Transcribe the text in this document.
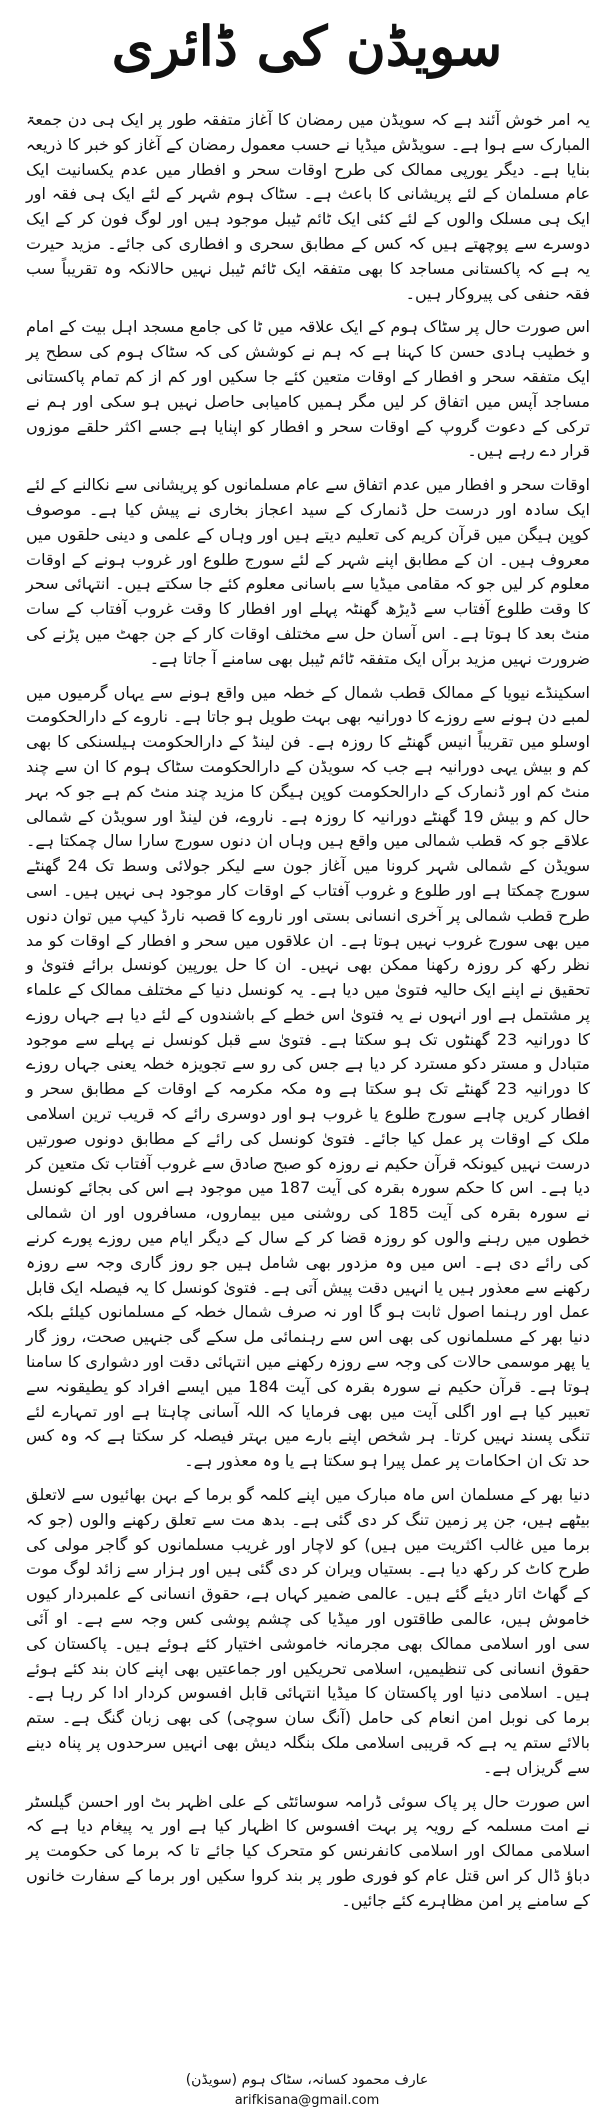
سویڈن کی ڈائری

یہ امر خوش آئند ہے کہ سویڈن میں رمضان کا آغاز متفقہ طور پر ایک ہی دن جمعۃ المبارک سے ہوا ہے۔ سویڈش میڈیا نے حسب معمول رمضان کے آغاز کو خبر کا ذریعہ بنایا ہے۔ دیگر یورپی ممالک کی طرح اوقات سحر و افطار میں عدم یکسانیت ایک عام مسلمان کے لئے پریشانی کا باعث ہے۔ سٹاک ہوم شہر کے لئے ایک ہی فقہ اور ایک ہی مسلک والوں کے لئے کئی ایک ٹائم ٹیبل موجود ہیں اور لوگ فون کر کے ایک دوسرے سے پوچھتے ہیں کہ کس کے مطابق سحری و افطاری کی جائے۔ مزید حیرت یہ ہے کہ پاکستانی مساجد کا بھی متفقہ ایک ٹائم ٹیبل نہیں حالانکہ وہ تقریباً سب فقہ حنفی کی پیروکار ہیں۔

اس صورت حال پر سٹاک ہوم کے ایک علاقہ میں ٹا کی جامع مسجد اہل بیت کے امام و خطیب ہادی حسن کا کہنا ہے کہ ہم نے کوشش کی کہ سٹاک ہوم کی سطح پر ایک متفقہ سحر و افطار کے اوقات متعین کئے جا سکیں اور کم از کم تمام پاکستانی مساجد آپس میں اتفاق کر لیں مگر ہمیں کامیابی حاصل نہیں ہو سکی اور ہم نے ترکی کے دعوت گروپ کے اوقات سحر و افطار کو اپنایا ہے جسے اکثر حلقے موزوں قرار دے رہے ہیں۔

اوقات سحر و افطار میں عدم اتفاق سے عام مسلمانوں کو پریشانی سے نکالنے کے لئے ایک سادہ اور درست حل ڈنمارک کے سید اعجاز بخاری نے پیش کیا ہے۔ موصوف کوپن ہیگن میں قرآن کریم کی تعلیم دیتے ہیں اور وہاں کے علمی و دینی حلقوں میں معروف ہیں۔ ان کے مطابق اپنے شہر کے لئے سورج طلوع اور غروب ہونے کے اوقات معلوم کر لیں جو کہ مقامی میڈیا سے باسانی معلوم کئے جا سکتے ہیں۔ انتہائی سحر کا وقت طلوع آفتاب سے ڈیڑھ گھنٹہ پہلے اور افطار کا وقت غروب آفتاب کے سات منٹ بعد کا ہوتا ہے۔ اس آسان حل سے مختلف اوقات کار کے جن جھٹ میں پڑنے کی ضرورت نہیں مزید برآں ایک متفقہ ٹائم ٹیبل بھی سامنے آ جاتا ہے۔

اسکینڈے نیویا کے ممالک قطب شمال کے خطہ میں واقع ہونے سے یہاں گرمیوں میں لمبے دن ہونے سے روزے کا دورانیہ بھی بہت طویل ہو جاتا ہے۔ ناروے کے دارالحکومت اوسلو میں تقریباً انیس گھنٹے کا روزہ ہے۔ فن لینڈ کے دارالحکومت ہیلسنکی کا بھی کم و بیش یہی دورانیہ ہے جب کہ سویڈن کے دارالحکومت سٹاک ہوم کا ان سے چند منٹ کم اور ڈنمارک کے دارالحکومت کوپن ہیگن کا مزید چند منٹ کم ہے جو کہ بہر حال کم و بیش 19 گھنٹے دورانیہ کا روزہ ہے۔ ناروے، فن لینڈ اور سویڈن کے شمالی علاقے جو کہ قطب شمالی میں واقع ہیں وہاں ان دنوں سورج سارا سال چمکتا ہے۔ سویڈن کے شمالی شہر کرونا میں آغاز جون سے لیکر جولائی وسط تک 24 گھنٹے سورج چمکتا ہے اور طلوع و غروب آفتاب کے اوقات کار موجود ہی نہیں ہیں۔ اسی طرح قطب شمالی پر آخری انسانی بستی اور ناروے کا قصبہ نارڈ کیپ میں توان دنوں میں بھی سورج غروب نہیں ہوتا ہے۔ ان علاقوں میں سحر و افطار کے اوقات کو مد نظر رکھ کر روزہ رکھنا ممکن بھی نہیں۔ ان کا حل یورپین کونسل برائے فتویٰ و تحقیق نے اپنے ایک حالیہ فتویٰ میں دیا ہے۔ یہ کونسل دنیا کے مختلف ممالک کے علماء پر مشتمل ہے اور انہوں نے یہ فتویٰ اس خطے کے باشندوں کے لئے دیا ہے جہاں روزے کا دورانیہ 23 گھنٹوں تک ہو سکتا ہے۔ فتویٰ سے قبل کونسل نے پہلے سے موجود متبادل و مستر دکو مسترد کر دیا ہے جس کی رو سے تجویزہ خطہ یعنی جہاں روزے کا دورانیہ 23 گھنٹے تک ہو سکتا ہے وہ مکہ مکرمہ کے اوقات کے مطابق سحر و افطار کریں چاہے سورج طلوع یا غروب ہو اور دوسری رائے کہ قریب ترین اسلامی ملک کے اوقات پر عمل کیا جائے۔ فتویٰ کونسل کی رائے کے مطابق دونوں صورتیں درست نہیں کیونکہ قرآن حکیم نے روزہ کو صبح صادق سے غروب آفتاب تک متعین کر دیا ہے۔ اس کا حکم سورہ بقرہ کی آیت 187 میں موجود ہے اس کی بجائے کونسل نے سورہ بقرہ کی آیت 185 کی روشنی میں بیماروں، مسافروں اور ان شمالی خطوں میں رہنے والوں کو روزہ قضا کر کے سال کے دیگر ایام میں روزے پورے کرنے کی رائے دی ہے۔ اس میں وہ مزدور بھی شامل ہیں جو روز گاری وجہ سے روزہ رکھنے سے معذور ہیں یا انہیں دقت پیش آتی ہے۔ فتویٰ کونسل کا یہ فیصلہ ایک قابل عمل اور رہنما اصول ثابت ہو گا اور نہ صرف شمال خطہ کے مسلمانوں کیلئے بلکہ دنیا بھر کے مسلمانوں کی بھی اس سے رہنمائی مل سکے گی جنہیں صحت، روز گار یا پھر موسمی حالات کی وجہ سے روزہ رکھنے میں انتہائی دقت اور دشواری کا سامنا ہوتا ہے۔ قرآن حکیم نے سورہ بقرہ کی آیت 184 میں ایسے افراد کو یطیقونہ سے تعبیر کیا ہے اور اگلی آیت میں بھی فرمایا کہ اللہ آسانی چاہتا ہے اور تمہارے لئے تنگی پسند نہیں کرتا۔ ہر شخص اپنے بارے میں بہتر فیصلہ کر سکتا ہے کہ وہ کس حد تک ان احکامات پر عمل پیرا ہو سکتا ہے یا وہ معذور ہے۔

دنیا بھر کے مسلمان اس ماہ مبارک میں اپنے کلمہ گو برما کے بہن بھائیوں سے لاتعلق بیٹھے ہیں، جن پر زمین تنگ کر دی گئی ہے۔ بدھ مت سے تعلق رکھنے والوں (جو کہ برما میں غالب اکثریت میں ہیں) کو لاچار اور غریب مسلمانوں کو گاجر مولی کی طرح کاٹ کر رکھ دیا ہے۔ بستیاں ویران کر دی گئی ہیں اور ہزار سے زائد لوگ موت کے گھاٹ اتار دیئے گئے ہیں۔ عالمی ضمیر کہاں ہے، حقوق انسانی کے علمبردار کیوں خاموش ہیں، عالمی طاقتوں اور میڈیا کی چشم پوشی کس وجہ سے ہے۔ او آئی سی اور اسلامی ممالک بھی مجرمانہ خاموشی اختیار کئے ہوئے ہیں۔ پاکستان کی حقوق انسانی کی تنظیمیں، اسلامی تحریکیں اور جماعتیں بھی اپنے کان بند کئے ہوئے ہیں۔ اسلامی دنیا اور پاکستان کا میڈیا انتہائی قابل افسوس کردار ادا کر رہا ہے۔ برما کی نوبل امن انعام کی حامل (آنگ سان سوچی) کی بھی زبان گنگ ہے۔ ستم بالائے ستم یہ ہے کہ قریبی اسلامی ملک بنگلہ دیش بھی انہیں سرحدوں پر پناہ دینے سے گریزاں ہے۔

اس صورت حال پر پاک سوئی ڈرامہ سوسائٹی کے علی اظہر بٹ اور احسن گیلسٹر نے امت مسلمہ کے رویہ پر بہت افسوس کا اظہار کیا ہے اور یہ پیغام دیا ہے کہ اسلامی ممالک اور اسلامی کانفرنس کو متحرک کیا جائے تا کہ برما کی حکومت پر دباؤ ڈال کر اس قتل عام کو فوری طور پر بند کروا سکیں اور برما کے سفارت خانوں کے سامنے پر امن مظاہرے کئے جائیں۔

عارف محمود کسانہ، سٹاک ہوم (سویڈن)
arifkisana@gmail.com
